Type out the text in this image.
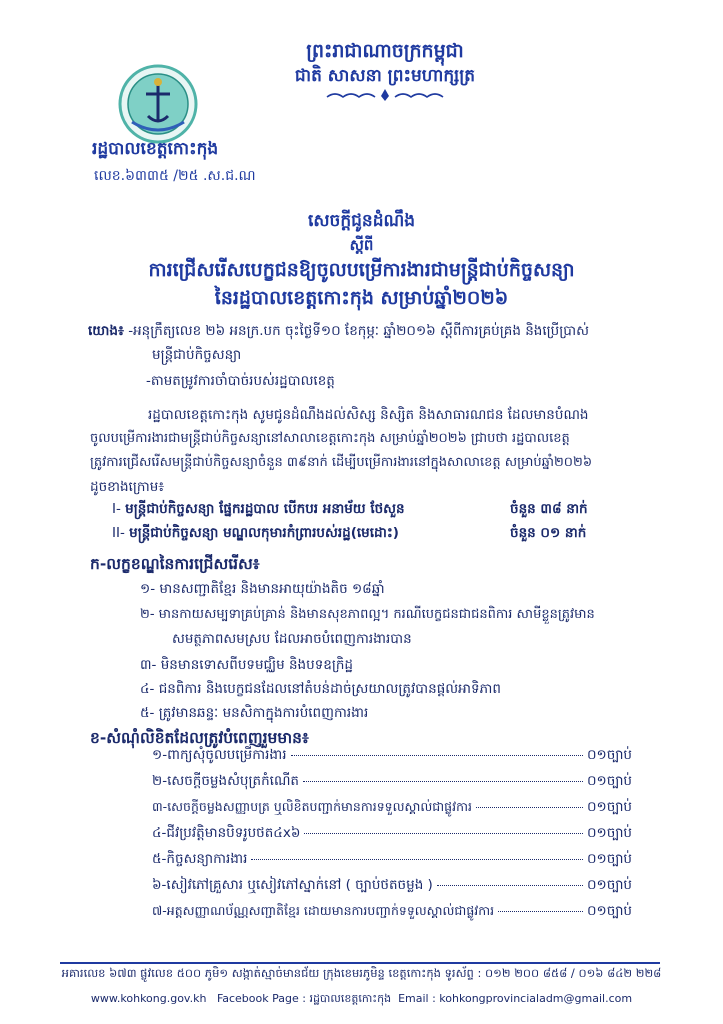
ព្រះរាជាណាចក្រកម្ពុជា
ជាតិ សាសនា ព្រះមហាក្សត្រ
រដ្ឋបាលខេត្តកោះកុង
លេខ.៦៣៣៥ /២៥ .ស.ជ.ណ
សេចក្តីជូនដំណឹង
ស្តីពី
ការជ្រើសរើសបេក្ខជនឱ្យចូលបម្រើការងារជាមន្ត្រីជាប់កិច្ចសន្យា
នៃរដ្ឋបាលខេត្តកោះកុង សម្រាប់ឆ្នាំ២០២៦
យោង៖ -អនុក្រឹត្យលេខ ២៦ អនក្រ.បក ចុះថ្ងៃទី១០ ខែកុម្ភៈ ឆ្នាំ២០១៦ ស្តីពីការគ្រប់គ្រង និងប្រើប្រាស់
មន្ត្រីជាប់កិច្ចសន្យា
-តាមតម្រូវការចាំបាច់របស់រដ្ឋបាលខេត្ត
រដ្ឋបាលខេត្តកោះកុង សូមជូនដំណឹងដល់សិស្ស និស្សិត និងសាធារណជន ដែលមានបំណង
ចូលបម្រើការងារជាមន្ត្រីជាប់កិច្ចសន្យានៅសាលាខេត្តកោះកុង សម្រាប់ឆ្នាំ២០២៦ ជ្រាបថា រដ្ឋបាលខេត្ត
ត្រូវការជ្រើសរើសមន្ត្រីជាប់កិច្ចសន្យាចំនួន ៣៩នាក់ ដើម្បីបម្រើការងារនៅក្នុងសាលាខេត្ត សម្រាប់ឆ្នាំ២០២៦
ដូចខាងក្រោម៖
I- មន្ត្រីជាប់កិច្ចសន្យា ផ្នែករដ្ឋបាល បើកបរ អនាម័យ ថែសួន	ចំនួន ៣៨ នាក់
II- មន្ត្រីជាប់កិច្ចសន្យា មណ្ឌលកុមារកំព្រារបស់រដ្ឋ(មេដោះ)	ចំនួន ០១ នាក់
ក-លក្ខខណ្ឌនៃការជ្រើសរើស៖
១- មានសញ្ជាតិខ្មែរ និងមានអាយុយ៉ាងតិច ១៨ឆ្នាំ
២- មានកាយសម្បទាគ្រប់គ្រាន់ និងមានសុខភាពល្អ។ ករណីបេក្ខជនជាជនពិការ សាមីខ្លួនត្រូវមាន
សមត្ថភាពសមស្រប ដែលអាចបំពេញការងារបាន
៣- មិនមានទោសពីបទមជ្ឈិម និងបទឧក្រិដ្ឋ
៤- ជនពិការ និងបេក្ខជនដែលនៅតំបន់ដាច់ស្រយាលត្រូវបានផ្តល់អាទិភាព
៥- ត្រូវមានឆន្ទៈ មនសិកាក្នុងការបំពេញការងារ
ខ-សំណុំលិខិតដែលត្រូវបំពេញរួមមាន៖
១-ពាក្យសុំចូលបម្រើការងារ	០១ច្បាប់
២-សេចក្តីចម្លងសំបុត្រកំណើត	០១ច្បាប់
៣-សេចក្តីចម្លងសញ្ញាបត្រ ឬលិខិតបញ្ជាក់មានការទទួលស្គាល់ជាផ្លូវការ	០១ច្បាប់
៤-ជីវប្រវត្តិមានបិទរូបថត៤x៦	០១ច្បាប់
៥-កិច្ចសន្យាការងារ	០១ច្បាប់
៦-សៀវភៅគ្រួសារ ឬសៀវភៅស្នាក់នៅ ( ច្បាប់ថតចម្លង )	០១ច្បាប់
៧-អត្តសញ្ញាណប័ណ្ណសញ្ជាតិខ្មែរ ដោយមានការបញ្ជាក់ទទួលស្គាល់ជាផ្លូវការ	០១ច្បាប់
អគារលេខ ៦៧៣ ផ្លូវលេខ ៥០០ ភូមិ១ សង្កាត់ស្មាច់មានជ័យ ក្រុងខេមរភូមិន្ទ ខេត្តកោះកុង ទូរស័ព្ទ : ០១២ ២០០ ៨៥៨ / ០១៦ ៨៤២ ២២៨
www.kohkong.gov.kh Facebook Page : រដ្ឋបាលខេត្តកោះកុង Email : kohkongprovincialadm@gmail.com
